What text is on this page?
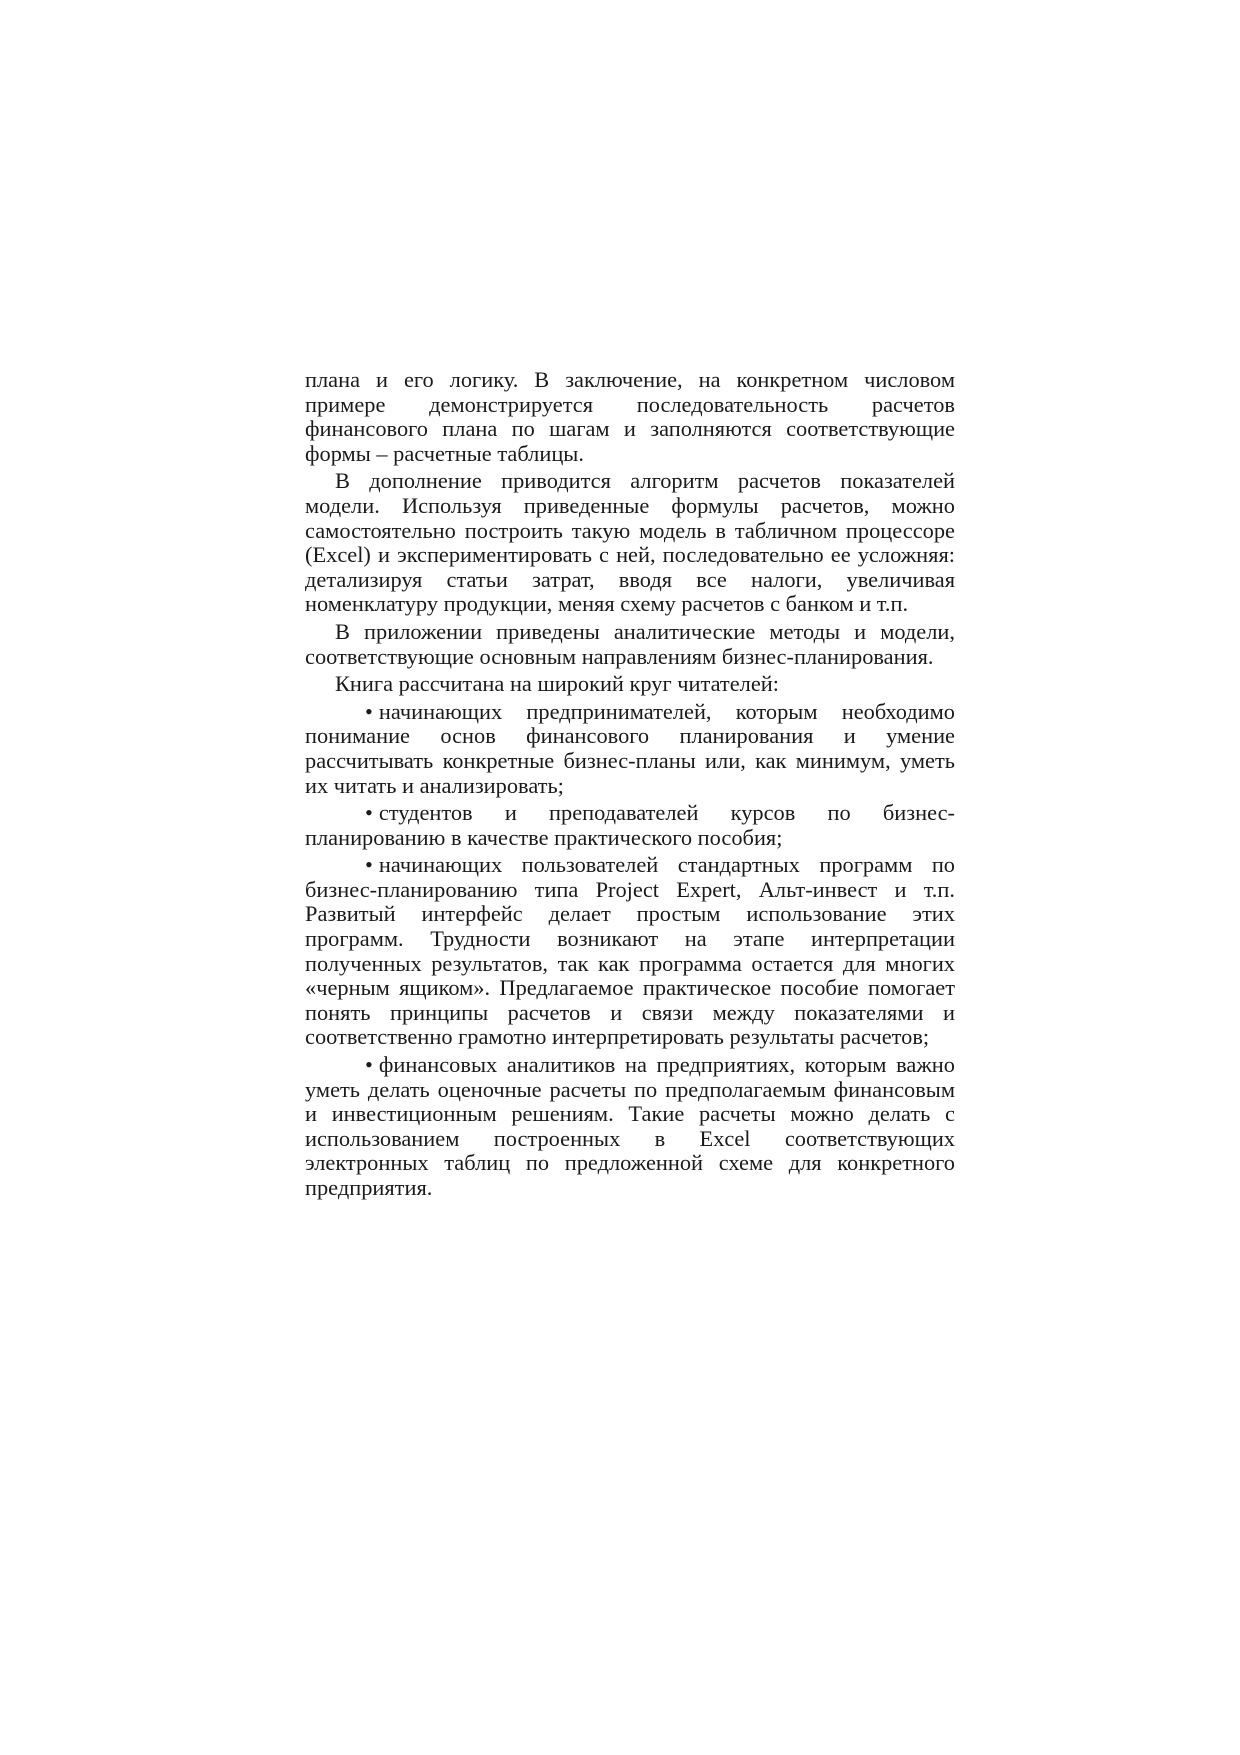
плана и его логику. В заключение, на конкретном числовом примере демонстрируется последовательность расчетов финансового плана по шагам и заполняются соответствующие формы – расчетные таблицы.

В дополнение приводится алгоритм расчетов показателей модели. Используя приведенные формулы расчетов, можно самостоятельно построить такую модель в табличном процессоре (Excel) и экспериментировать с ней, последовательно ее усложняя: детализируя статьи затрат, вводя все налоги, увеличивая номенклатуру продукции, меняя схему расчетов с банком и т.п.

В приложении приведены аналитические методы и модели, соответствующие основным направлениям бизнес-планирования.

Книга рассчитана на широкий круг читателей:

• начинающих предпринимателей, которым необходимо понимание основ финансового планирования и умение рассчитывать конкретные бизнес-планы или, как минимум, уметь их читать и анализировать;

• студентов и преподавателей курсов по бизнес-планированию в качестве практического пособия;

• начинающих пользователей стандартных программ по бизнес-планированию типа Project Expert, Альт-инвест и т.п. Развитый интерфейс делает простым использование этих программ. Трудности возникают на этапе интерпретации полученных результатов, так как программа остается для многих «черным ящиком». Предлагаемое практическое пособие помогает понять принципы расчетов и связи между показателями и соответственно грамотно интерпретировать результаты расчетов;

• финансовых аналитиков на предприятиях, которым важно уметь делать оценочные расчеты по предполагаемым финансовым и инвестиционным решениям. Такие расчеты можно делать с использованием построенных в Excel соответствующих электронных таблиц по предложенной схеме для конкретного предприятия.
